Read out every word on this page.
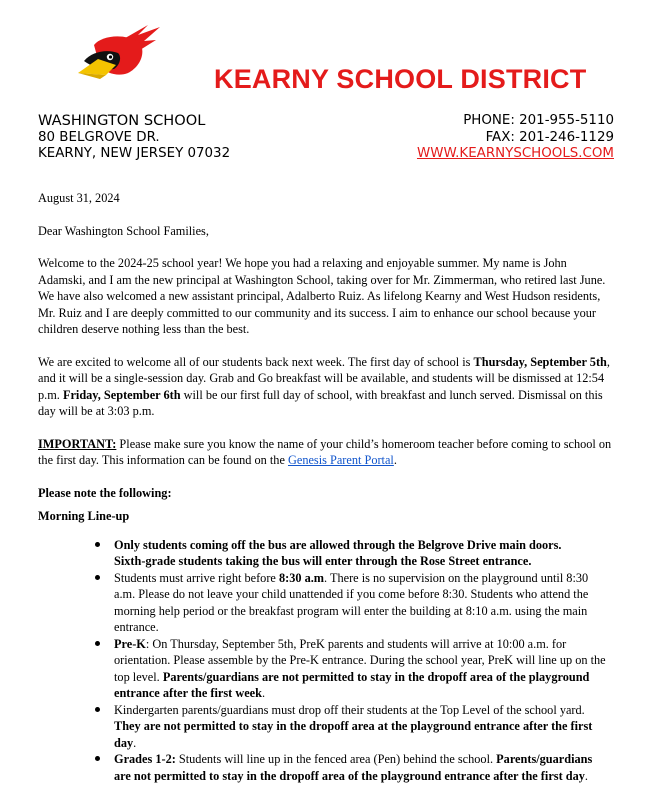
KEARNY SCHOOL DISTRICT
WASHINGTON SCHOOL
80 BELGROVE DR.
KEARNY, NEW JERSEY 07032
PHONE: 201-955-5110
FAX: 201-246-1129
WWW.KEARNYSCHOOLS.COM

August 31, 2024

Dear Washington School Families,

Welcome to the 2024-25 school year! We hope you had a relaxing and enjoyable summer. My name is John Adamski, and I am the new principal at Washington School, taking over for Mr. Zimmerman, who retired last June. We have also welcomed a new assistant principal, Adalberto Ruiz. As lifelong Kearny and West Hudson residents, Mr. Ruiz and I are deeply committed to our community and its success. I aim to enhance our school because your children deserve nothing less than the best.

We are excited to welcome all of our students back next week. The first day of school is Thursday, September 5th, and it will be a single-session day. Grab and Go breakfast will be available, and students will be dismissed at 12:54 p.m. Friday, September 6th will be our first full day of school, with breakfast and lunch served. Dismissal on this day will be at 3:03 p.m.

IMPORTANT: Please make sure you know the name of your child’s homeroom teacher before coming to school on the first day. This information can be found on the Genesis Parent Portal.

Please note the following:

Morning Line-up

Only students coming off the bus are allowed through the Belgrove Drive main doors.
Sixth-grade students taking the bus will enter through the Rose Street entrance.
Students must arrive right before 8:30 a.m. There is no supervision on the playground until 8:30 a.m. Please do not leave your child unattended if you come before 8:30. Students who attend the morning help period or the breakfast program will enter the building at 8:10 a.m. using the main entrance.
Pre-K: On Thursday, September 5th, PreK parents and students will arrive at 10:00 a.m. for orientation. Please assemble by the Pre-K entrance. During the school year, PreK will line up on the top level. Parents/guardians are not permitted to stay in the dropoff area of the playground entrance after the first week.
Kindergarten parents/guardians must drop off their students at the Top Level of the school yard.
They are not permitted to stay in the dropoff area at the playground entrance after the first day.
Grades 1-2: Students will line up in the fenced area (Pen) behind the school. Parents/guardians are not permitted to stay in the dropoff area of the playground entrance after the first day.
